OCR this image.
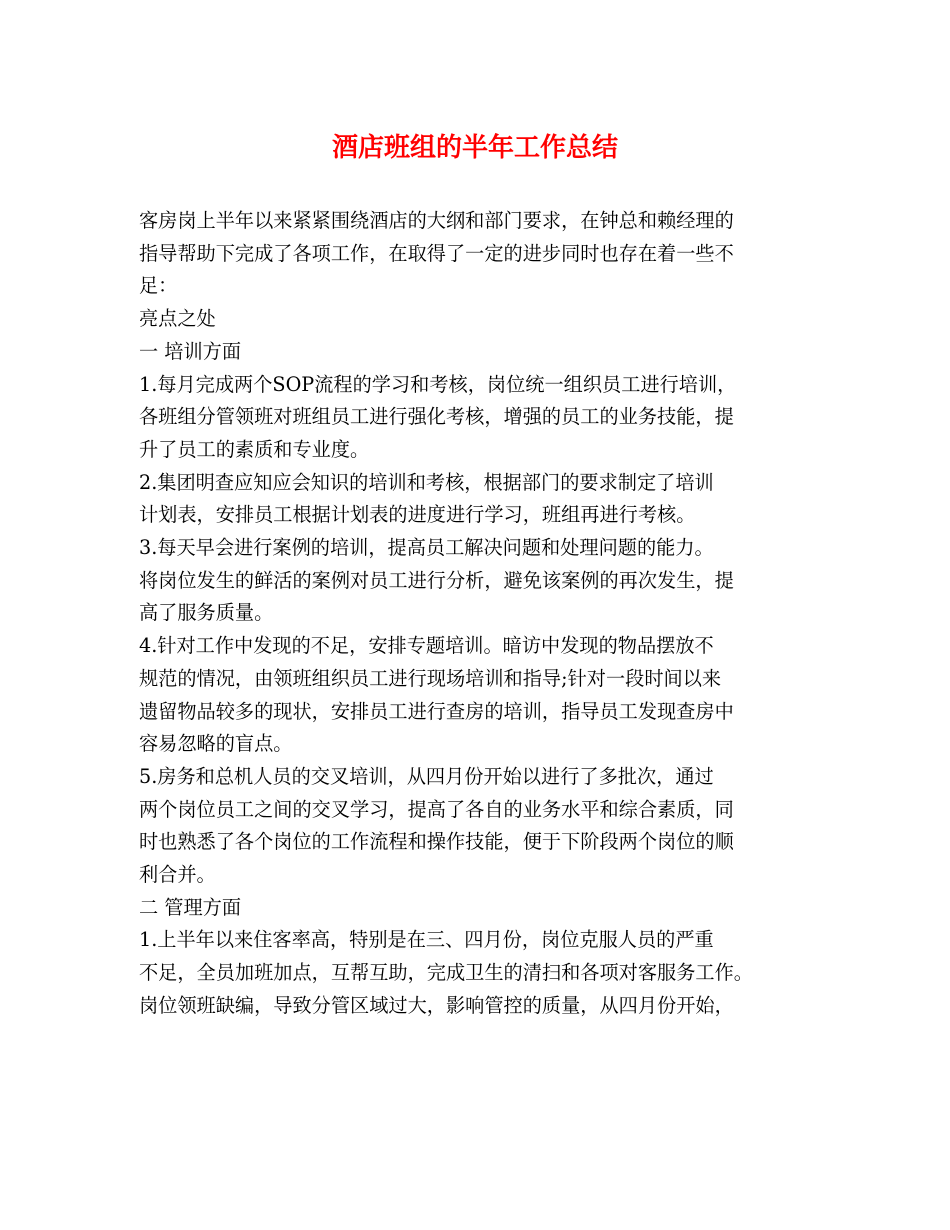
酒店班组的半年工作总结
客房岗上半年以来紧紧围绕酒店的大纲和部门要求，在钟总和赖经理的
指导帮助下完成了各项工作，在取得了一定的进步同时也存在着一些不
足：
亮点之处
一 培训方面
1.每月完成两个SOP流程的学习和考核，岗位统一组织员工进行培训，
各班组分管领班对班组员工进行强化考核，增强的员工的业务技能，提
升了员工的素质和专业度。
2.集团明查应知应会知识的培训和考核，根据部门的要求制定了培训
计划表，安排员工根据计划表的进度进行学习，班组再进行考核。
3.每天早会进行案例的培训，提高员工解决问题和处理问题的能力。
将岗位发生的鲜活的案例对员工进行分析，避免该案例的再次发生，提
高了服务质量。
4.针对工作中发现的不足，安排专题培训。暗访中发现的物品摆放不
规范的情况，由领班组织员工进行现场培训和指导;针对一段时间以来
遗留物品较多的现状，安排员工进行查房的培训，指导员工发现查房中
容易忽略的盲点。
5.房务和总机人员的交叉培训，从四月份开始以进行了多批次，通过
两个岗位员工之间的交叉学习，提高了各自的业务水平和综合素质，同
时也熟悉了各个岗位的工作流程和操作技能，便于下阶段两个岗位的顺
利合并。
二 管理方面
1.上半年以来住客率高，特别是在三、四月份，岗位克服人员的严重
不足，全员加班加点，互帮互助，完成卫生的清扫和各项对客服务工作。
岗位领班缺编，导致分管区域过大，影响管控的质量，从四月份开始，
